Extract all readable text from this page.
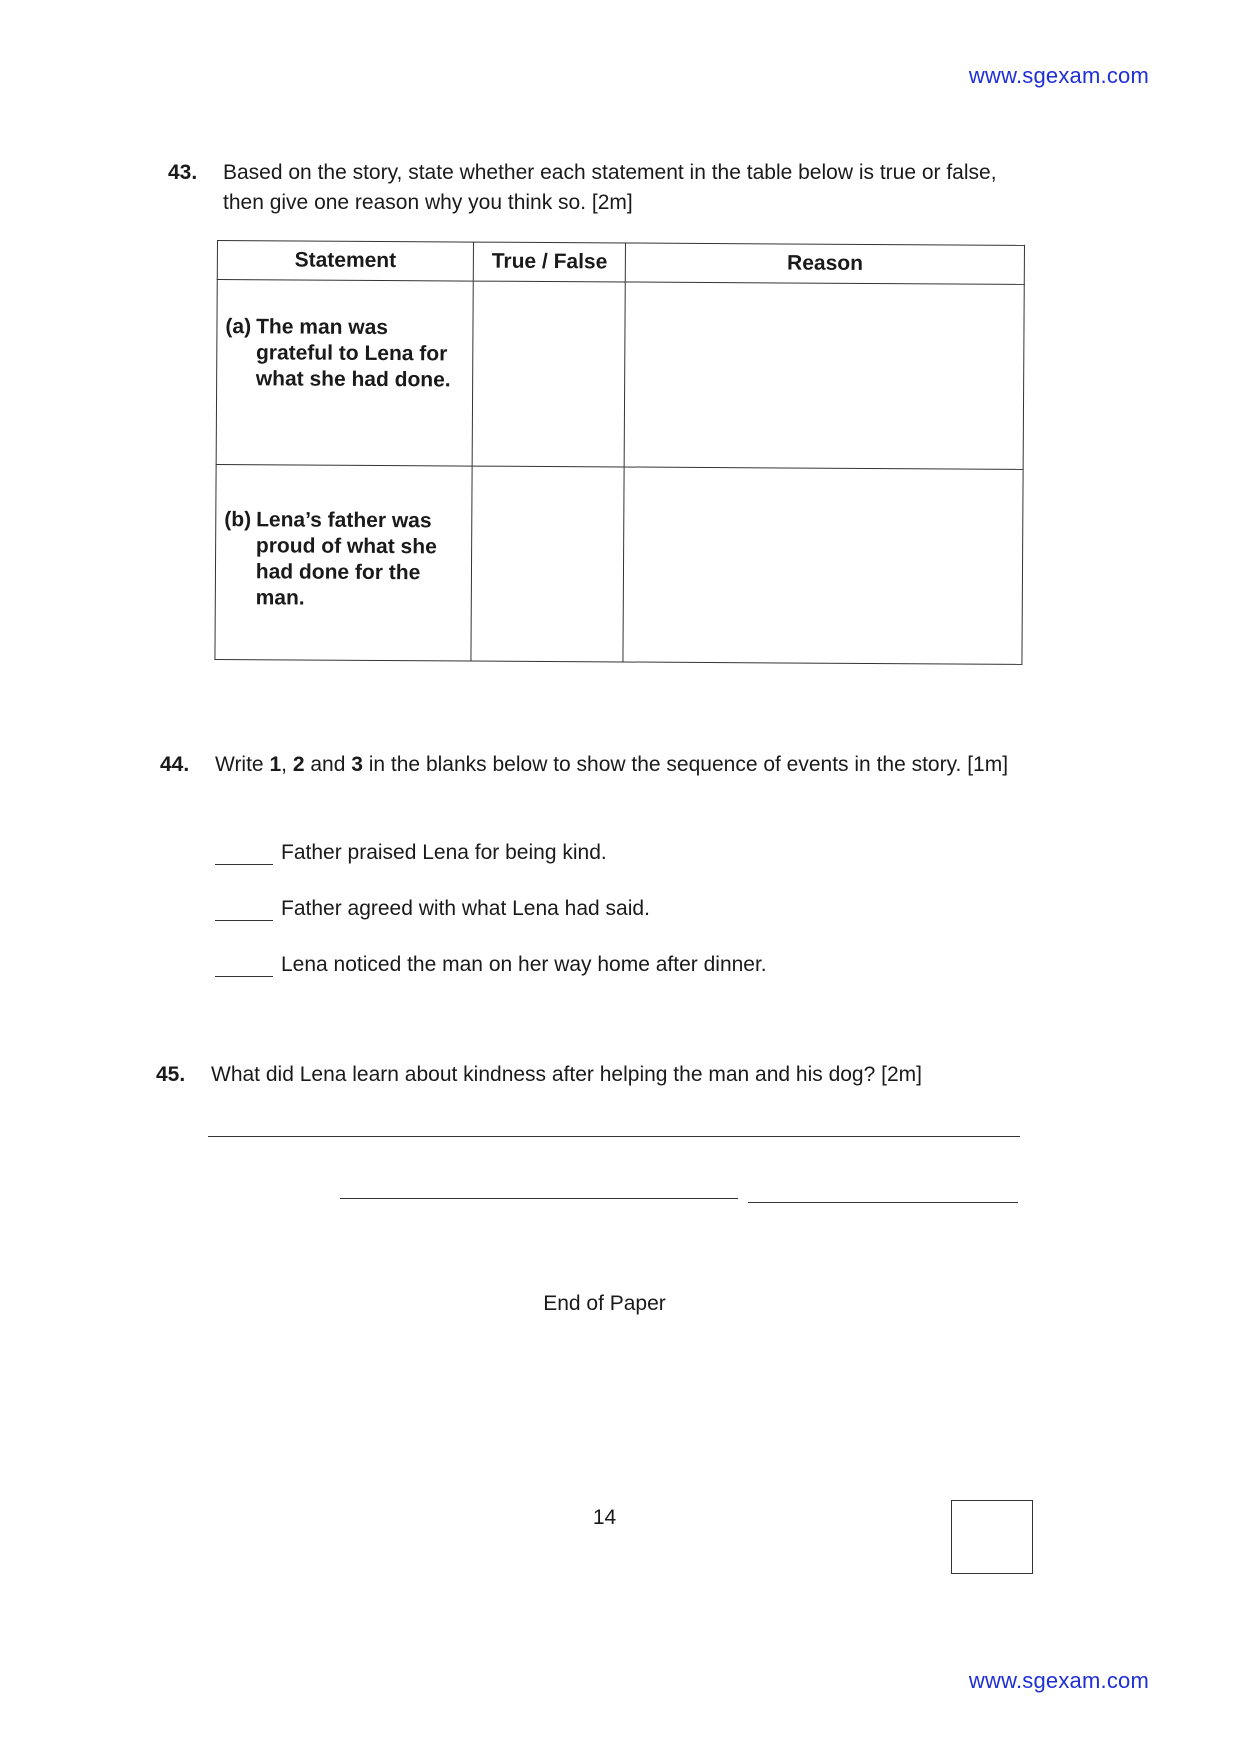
www.sgexam.com
43. Based on the story, state whether each statement in the table below is true or false, then give one reason why you think so. [2m]
Statement	True / False	Reason

(a) The man was grateful to Lena for what she had done.		

(b) Lena’s father was proud of what she had done for the man.		

44. Write 1, 2 and 3 in the blanks below to show the sequence of events in the story. [1m]
Father praised Lena for being kind.
Father agreed with what Lena had said.
Lena noticed the man on her way home after dinner.
45. What did Lena learn about kindness after helping the man and his dog? [2m]
End of Paper
14
www.sgexam.com
